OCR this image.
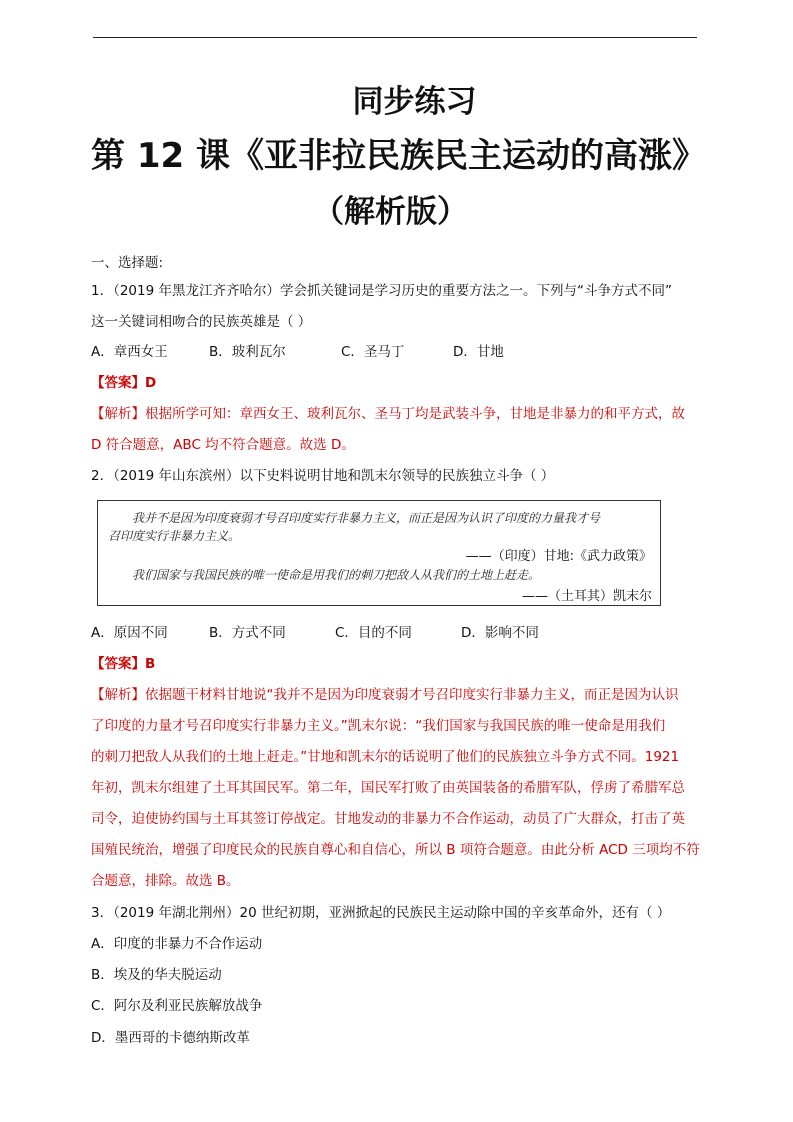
同步练习
第 12 课《亚非拉民族民主运动的高涨》
（解析版）
一、选择题:
1．（2019 年黑龙江齐齐哈尔）学会抓关键词是学习历史的重要方法之一。下列与“斗争方式不同”
这一关键词相吻合的民族英雄是（ ）
A．章西女王	B．玻利瓦尔	C．圣马丁	D．甘地
【答案】D
【解析】根据所学可知：章西女王、玻利瓦尔、圣马丁均是武装斗争，甘地是非暴力的和平方式，故
D 符合题意，ABC 均不符合题意。故选 D。
2．（2019 年山东滨州）以下史料说明甘地和凯末尔领导的民族独立斗争（ ）
我并不是因为印度衰弱才号召印度实行非暴力主义，而正是因为认识了印度的力量我才号
召印度实行非暴力主义。
——（印度）甘地:《武力政策》
我们国家与我国民族的唯一使命是用我们的刺刀把敌人从我们的土地上赶走。
——（土耳其）凯末尔
A．原因不同	B．方式不同	C．目的不同	D．影响不同
【答案】B
【解析】依据题干材料甘地说“我并不是因为印度衰弱才号召印度实行非暴力主义，而正是因为认识
了印度的力量才号召印度实行非暴力主义。”凯末尔说：“我们国家与我国民族的唯一使命是用我们
的刺刀把敌人从我们的土地上赶走。”甘地和凯末尔的话说明了他们的民族独立斗争方式不同。1921
年初，凯末尔组建了土耳其国民军。第二年，国民军打败了由英国装备的希腊军队，俘虏了希腊军总
司令，迫使协约国与土耳其签订停战定。甘地发动的非暴力不合作运动，动员了广大群众，打击了英
国殖民统治，增强了印度民众的民族自尊心和自信心，所以 B 项符合题意。由此分析 ACD 三项均不符
合题意，排除。故选 B。
3．（2019 年湖北荆州）20 世纪初期，亚洲掀起的民族民主运动除中国的辛亥革命外，还有（ ）
A．印度的非暴力不合作运动
B．埃及的华夫脱运动
C．阿尔及利亚民族解放战争
D．墨西哥的卡德纳斯改革
